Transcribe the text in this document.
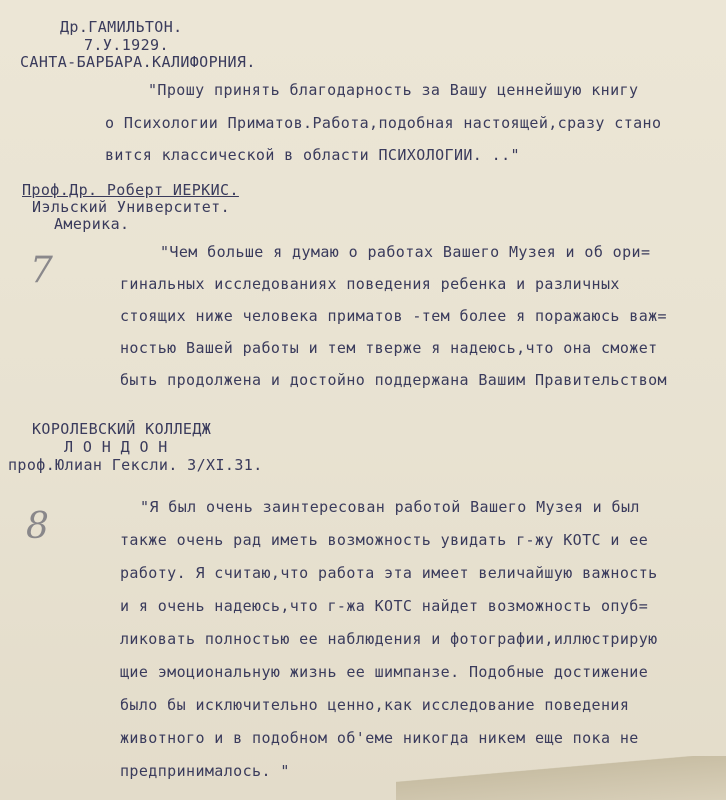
Др.ГАМИЛЬТОН.
7.У.1929.
САНТА-БАРБАРА.КАЛИФОРНИЯ.
"Прошу принять благодарность за Вашу ценнейшую книгу
о Психологии Приматов.Работа,подобная настоящей,сразу стано
вится классической в области ПСИХОЛОГИИ. .."
Проф.Др. Роберт ИЕРКИС.
Иэльский Университет.
Америка.
7	"Чем больше я думаю о работах Вашего Музея и об ори=
гинальных исследованиях поведения ребенка и различных
стоящих ниже человека приматов -тем более я поражаюсь важ=
ностью Вашей работы и тем тверже я надеюсь,что она сможет
быть продолжена и достойно поддержана Вашим Правительством
КОРОЛЕВСКИЙ КОЛЛЕДЖ
Л О Н Д О Н
проф.Юлиан Гексли. 3/XI.31.
8	"Я был очень заинтересован работой Вашего Музея и был
также очень рад иметь возможность увидать г-жу КОТС и ее
работу. Я считаю,что работа эта имеет величайшую важность
и я очень надеюсь,что г-жа КОТС найдет возможность опуб=
ликовать полностью ее наблюдения и фотографии,иллюстрирую
щие эмоциональную жизнь ее шимпанзе. Подобные достижение
было бы исключительно ценно,как исследование поведения
животного и в подобном об'еме никогда никем еще пока не
предпринималось. "
